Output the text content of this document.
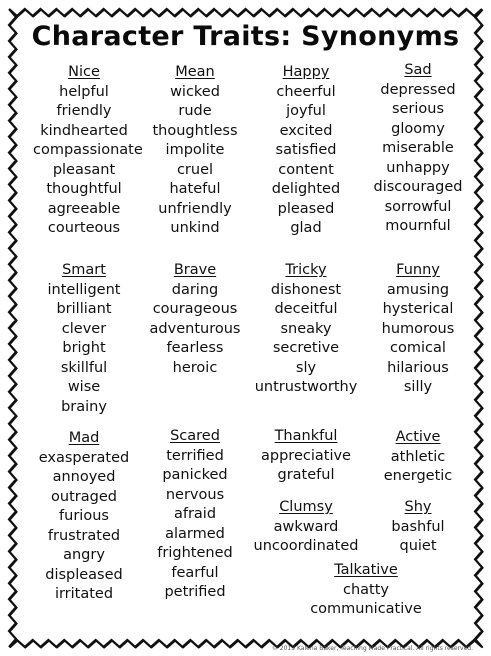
Character Traits: Synonyms
Nice
helpful
friendly
kindhearted
compassionate
pleasant
thoughtful
agreeable
courteous
Mean
wicked
rude
thoughtless
impolite
cruel
hateful
unfriendly
unkind
Happy
cheerful
joyful
excited
satisfied
content
delighted
pleased
glad
Sad
depressed
serious
gloomy
miserable
unhappy
discouraged
sorrowful
mournful
Smart
intelligent
brilliant
clever
bright
skillful
wise
brainy
Brave
daring
courageous
adventurous
fearless
heroic
Tricky
dishonest
deceitful
sneaky
secretive
sly
untrustworthy
Funny
amusing
hysterical
humorous
comical
hilarious
silly
Mad
exasperated
annoyed
outraged
furious
frustrated
angry
displeased
irritated
Scared
terrified
panicked
nervous
afraid
alarmed
frightened
fearful
petrified
Thankful
appreciative
grateful
Active
athletic
energetic
Clumsy
awkward
uncoordinated
Shy
bashful
quiet
Talkative
chatty
communicative
© 2013 Kalena Baker, Teaching Made Practical. All rights reserved.
